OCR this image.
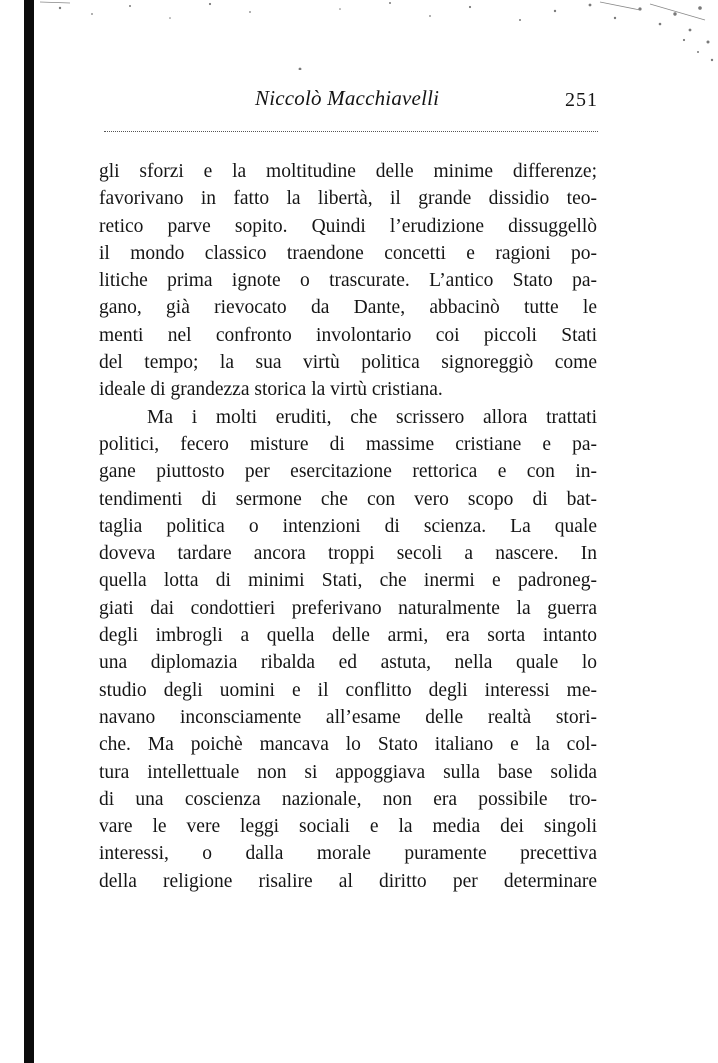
Niccolò Macchiavelli	251
gli sforzi e la moltitudine delle minime differenze;
favorivano in fatto la libertà, il grande dissidio teo-
retico parve sopito. Quindi l’erudizione dissuggellò
il mondo classico traendone concetti e ragioni po-
litiche prima ignote o trascurate. L’antico Stato pa-
gano, già rievocato da Dante, abbacinò tutte le
menti nel confronto involontario coi piccoli Stati
del tempo; la sua virtù politica signoreggiò come
ideale di grandezza storica la virtù cristiana.
Ma i molti eruditi, che scrissero allora trattati
politici, fecero misture di massime cristiane e pa-
gane piuttosto per esercitazione rettorica e con in-
tendimenti di sermone che con vero scopo di bat-
taglia politica o intenzioni di scienza. La quale
doveva tardare ancora troppi secoli a nascere. In
quella lotta di minimi Stati, che inermi e padroneg-
giati dai condottieri preferivano naturalmente la guerra
degli imbrogli a quella delle armi, era sorta intanto
una diplomazia ribalda ed astuta, nella quale lo
studio degli uomini e il conflitto degli interessi me-
navano inconsciamente all’esame delle realtà stori-
che. Ma poichè mancava lo Stato italiano e la col-
tura intellettuale non si appoggiava sulla base solida
di una coscienza nazionale, non era possibile tro-
vare le vere leggi sociali e la media dei singoli
interessi, o dalla morale puramente precettiva
della religione risalire al diritto per determinare
